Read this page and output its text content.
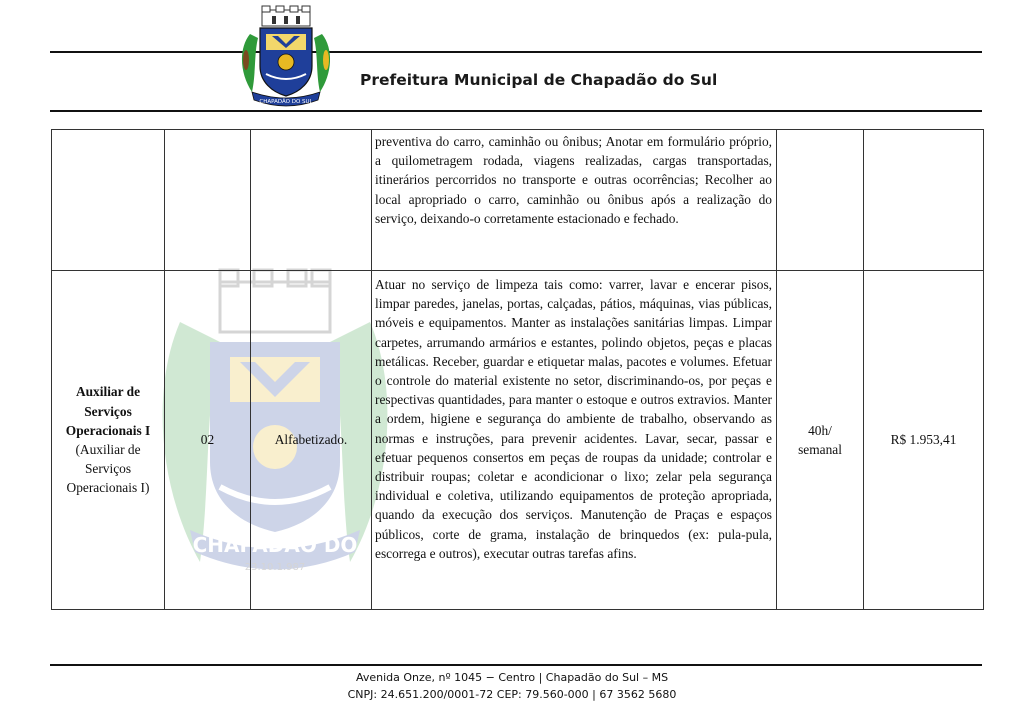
CHAPADÃO DO SUL
Prefeitura Municipal de Chapadão do Sul
CHAPADÃO DO
23.10.1.987
			preventiva do carro, caminhão ou ônibus; Anotar em formulário próprio, a quilometragem rodada, viagens realizadas, cargas transportadas, itinerários percorridos no transporte e outras ocorrências; Recolher ao local apropriado o carro, caminhão ou ônibus após a realização do serviço, deixando-o corretamente estacionado e fechado.		
Auxiliar de Serviços Operacionais I (Auxiliar de Serviços Operacionais I)	02	Alfabetizado.	Atuar no serviço de limpeza tais como: varrer, lavar e encerar pisos, limpar paredes, janelas, portas, calçadas, pátios, máquinas, vias públicas, móveis e equipamentos. Manter as instalações sanitárias limpas. Limpar carpetes, arrumando armários e estantes, polindo objetos, peças e placas metálicas. Receber, guardar e etiquetar malas, pacotes e volumes. Efetuar o controle do material existente no setor, discriminando-os, por peças e respectivas quantidades, para manter o estoque e outros extravios. Manter a ordem, higiene e segurança do ambiente de trabalho, observando as normas e instruções, para prevenir acidentes. Lavar, secar, passar e efetuar pequenos consertos em peças de roupas da unidade; controlar e distribuir roupas; coletar e acondicionar o lixo; zelar pela segurança individual e coletiva, utilizando equipamentos de proteção apropriada, quando da execução dos serviços. Manutenção de Praças e espaços públicos, corte de grama, instalação de brinquedos (ex: pula-pula, escorrega e outros), executar outras tarefas afins.	40h/ semanal	R$ 1.953,41
Avenida Onze, nº 1045 − Centro | Chapadão do Sul – MS
CNPJ: 24.651.200/0001-72 CEP: 79.560-000 | 67 3562 5680
